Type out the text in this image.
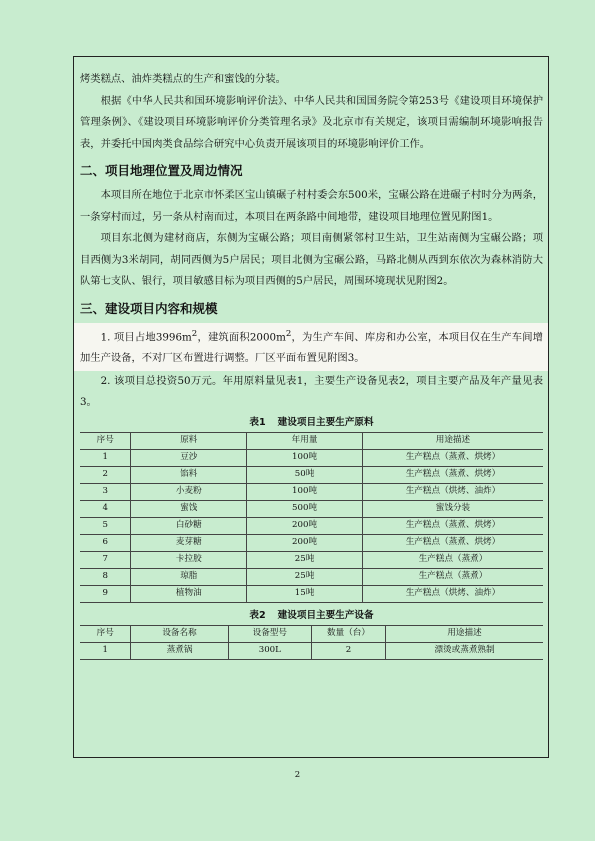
烤类糕点、油炸类糕点的生产和蜜饯的分装。

根据《中华人民共和国环境影响评价法》、中华人民共和国国务院令第253号《建设项目环境保护管理条例》、《建设项目环境影响评价分类管理名录》及北京市有关规定，该项目需编制环境影响报告表，并委托中国肉类食品综合研究中心负责开展该项目的环境影响评价工作。

二、项目地理位置及周边情况

本项目所在地位于北京市怀柔区宝山镇碾子村村委会东500米，宝碾公路在进碾子村时分为两条，一条穿村而过，另一条从村南而过，本项目在两条路中间地带，建设项目地理位置见附图1。

项目东北侧为建材商店，东侧为宝碾公路；项目南侧紧邻村卫生站，卫生站南侧为宝碾公路；项目西侧为3米胡同，胡同西侧为5户居民；项目北侧为宝碾公路，马路北侧从西到东依次为森林消防大队第七支队、银行，项目敏感目标为项目西侧的5户居民，周围环境现状见附图2。

三、建设项目内容和规模

1. 项目占地$3996m^2$，建筑面积$2000m^2$，为生产车间、库房和办公室，本项目仅在生产车间增加生产设备，不对厂区布置进行调整。厂区平面布置见附图3。

2. 该项目总投资50万元。年用原料量见表1，主要生产设备见表2，项目主要产品及年产量见表3。

表1 建设项目主要生产原料
序号	原料	年用量	用途描述
1	豆沙	100吨	生产糕点（蒸煮、烘烤）
2	馅料	50吨	生产糕点（蒸煮、烘烤）
3	小麦粉	100吨	生产糕点（烘烤、油炸）
4	蜜饯	500吨	蜜饯分装
5	白砂糖	200吨	生产糕点（蒸煮、烘烤）
6	麦芽糖	200吨	生产糕点（蒸煮、烘烤）
7	卡拉胶	25吨	生产糕点（蒸煮）
8	琼脂	25吨	生产糕点（蒸煮）
9	植物油	15吨	生产糕点（烘烤、油炸）
表2 建设项目主要生产设备
序号	设备名称	设备型号	数量（台）	用途描述
1	蒸煮锅	300L	2	漂烫或蒸煮熟制
2
